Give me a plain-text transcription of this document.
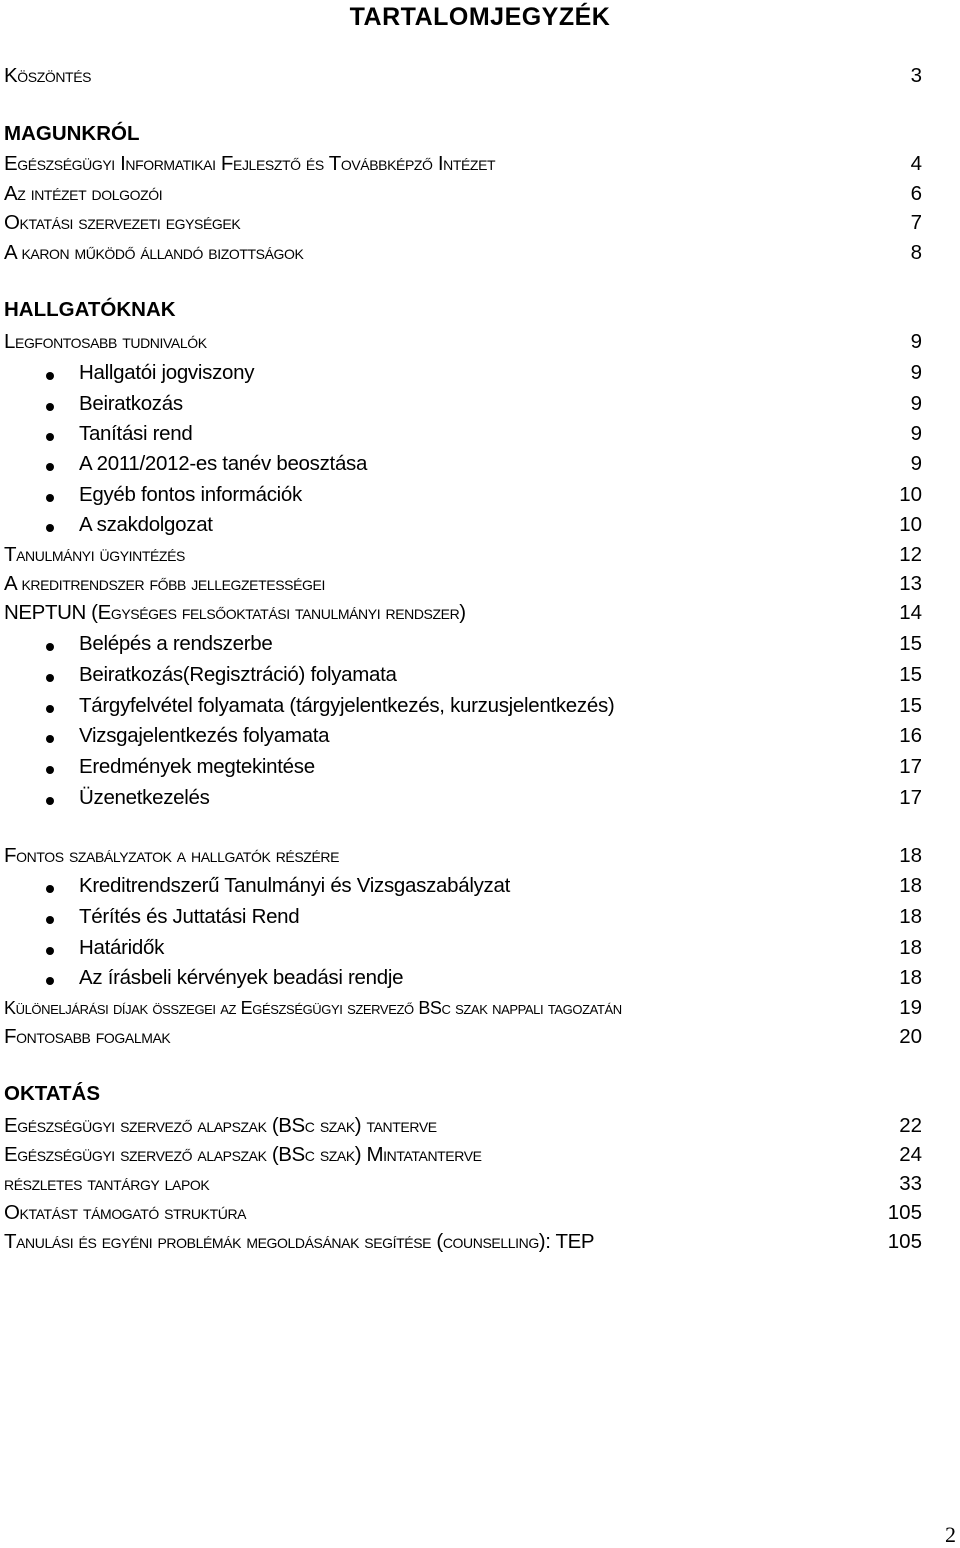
TARTALOMJEGYZÉK
Köszöntés	3
MAGUNKRÓL
Egészségügyi Informatikai Fejlesztő és Továbbképző Intézet	4
Az intézet dolgozói	6
Oktatási szervezeti egységek	7
A karon működő állandó bizottságok	8
HALLGATÓKNAK
Legfontosabb tudnivalók	9
Hallgatói jogviszony	9
Beiratkozás	9
Tanítási rend	9
A 2011/2012-es tanév beosztása	9
Egyéb fontos információk	10
A szakdolgozat	10
Tanulmányi ügyintézés	12
A kreditrendszer főbb jellegzetességei	13
NEPTUN (Egységes felsőoktatási tanulmányi rendszer)	14
Belépés a rendszerbe	15
Beiratkozás(Regisztráció) folyamata	15
Tárgyfelvétel folyamata (tárgyjelentkezés, kurzusjelentkezés)	15
Vizsgajelentkezés folyamata	16
Eredmények megtekintése	17
Üzenetkezelés	17
Fontos szabályzatok a hallgatók részére	18
Kreditrendszerű Tanulmányi és Vizsgaszabályzat	18
Térítés és Juttatási Rend	18
Határidők	18
Az írásbeli kérvények beadási rendje	18
Különeljárási díjak összegei az Egészségügyi szervező BSc szak nappali tagozatán	19
Fontosabb fogalmak	20
OKTATÁS
Egészségügyi szervező alapszak (BSc szak) tanterve	22
Egészségügyi szervező alapszak (BSc szak) Mintatanterve	24
részletes tantárgy lapok	33
Oktatást támogató struktúra	105
Tanulási és egyéni problémák megoldásának segítése (counselling): TEP	105
2
